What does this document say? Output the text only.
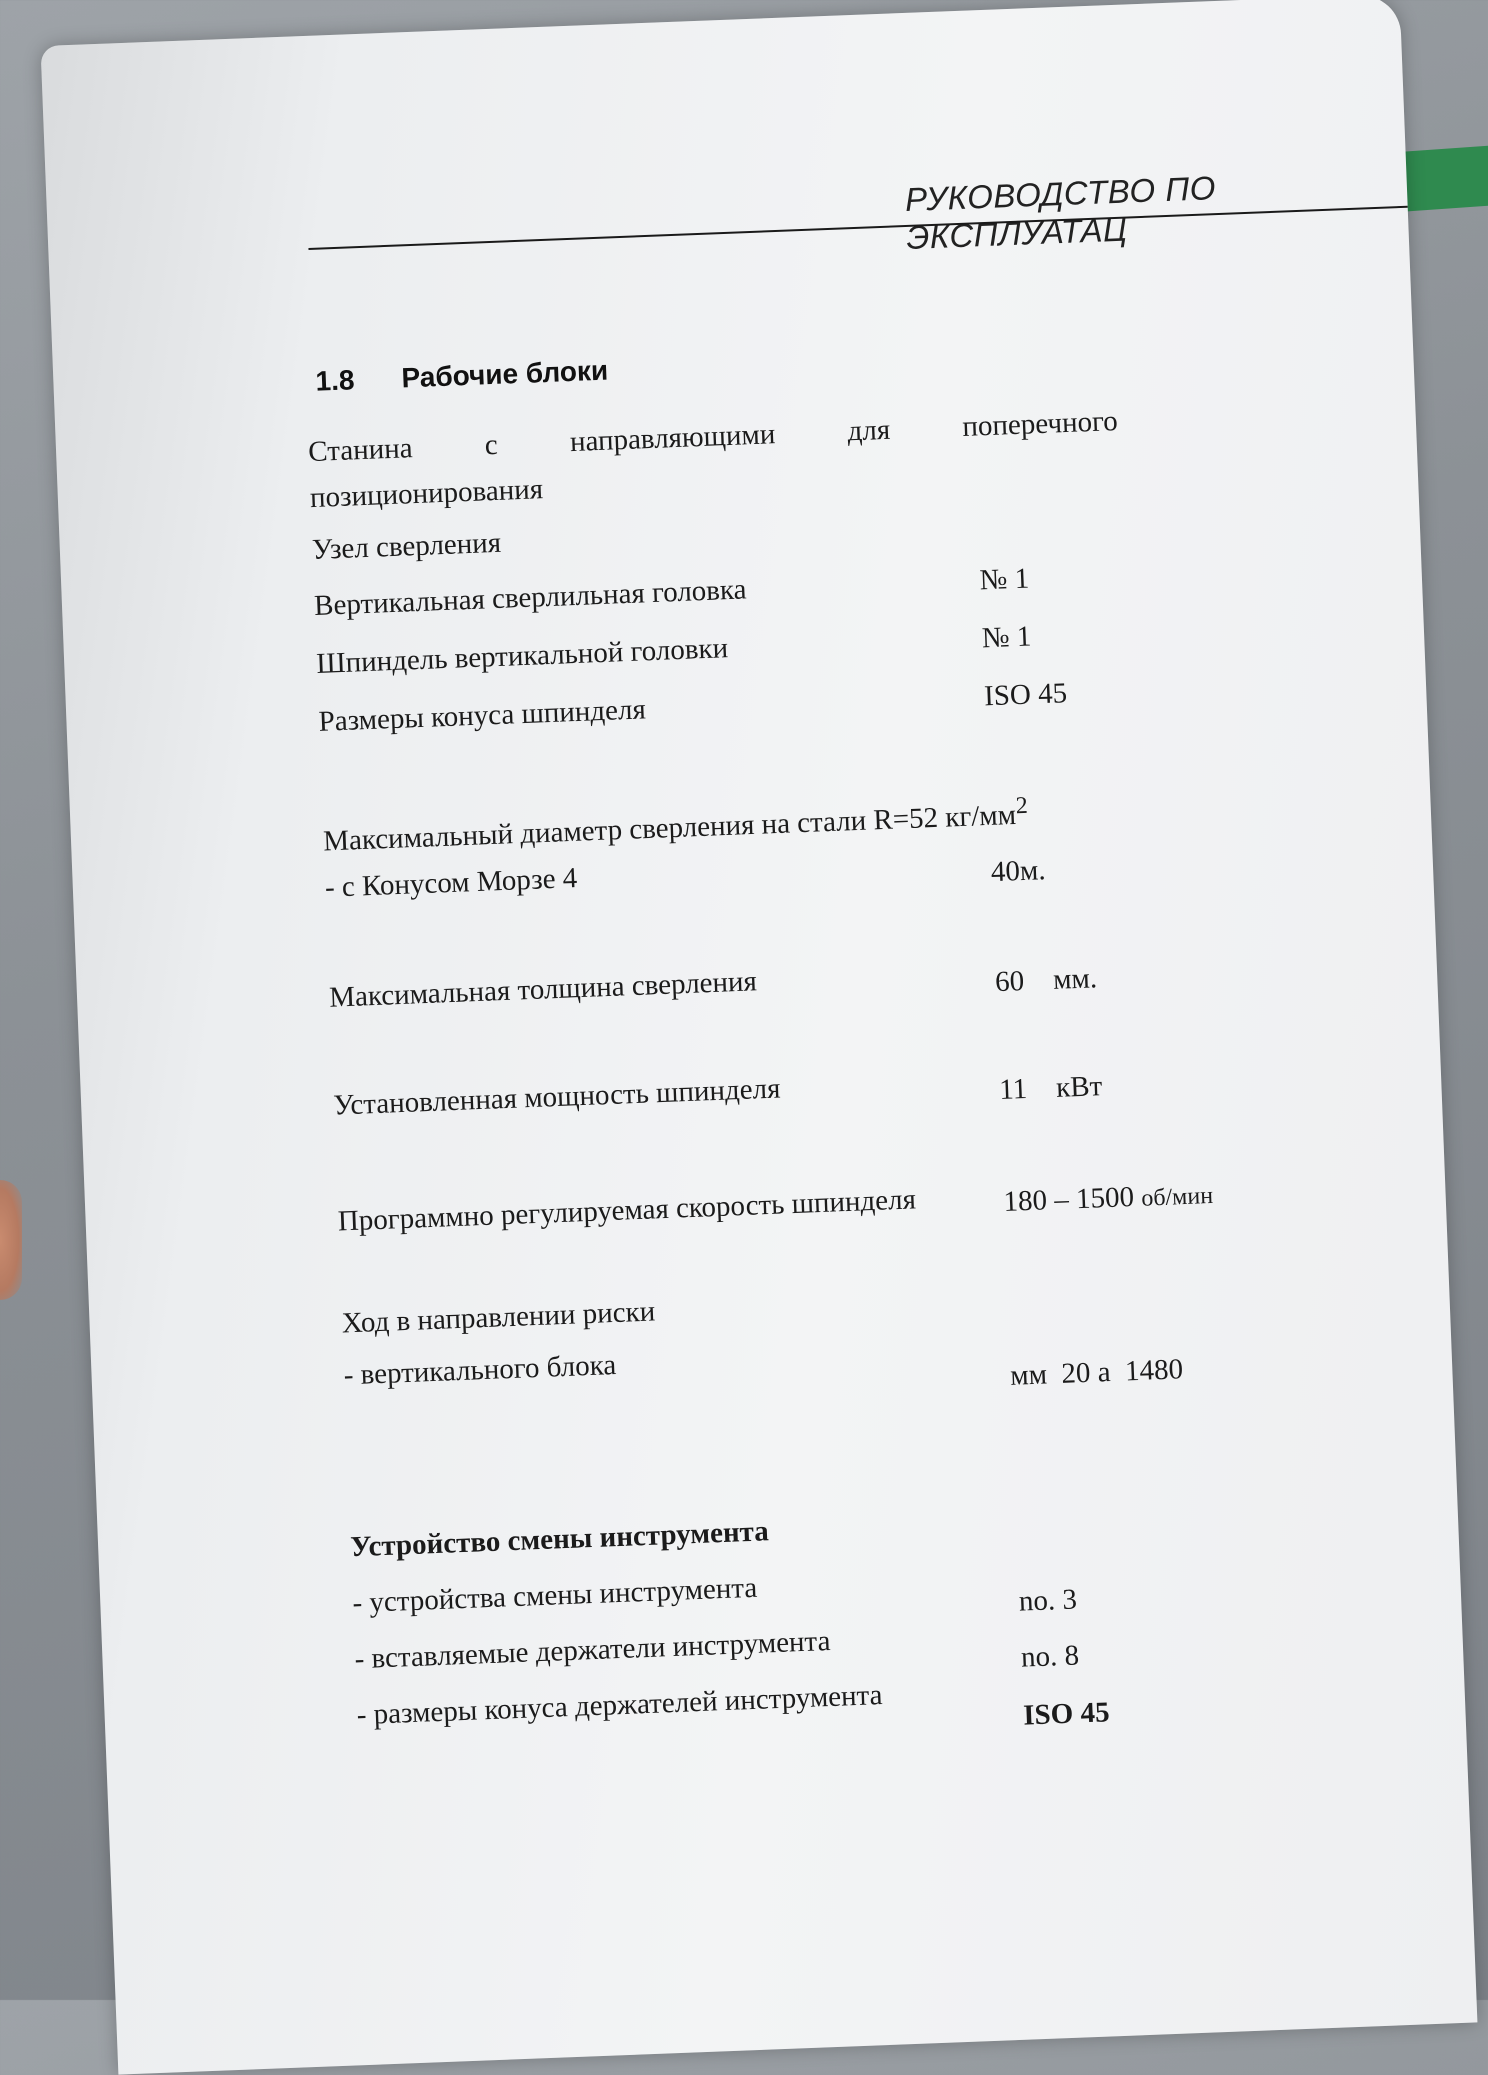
РУКОВОДСТВО ПО ЭКСПЛУАТАЦ
1.8 Рабочие блоки
Станина с направляющими для поперечного
позиционирования
Узел сверления
Вертикальная сверлильная головка	№ 1
Шпиндель вертикальной головки	№ 1
Размеры конуса шпинделя	ISO 45
Максимальный диаметр сверления на стали R=52 $кг/мм^2$
- с Конусом Морзе 4	40м.
Максимальная толщина сверления	60    мм.
Установленная мощность шпинделя	11    кВт
Программно регулируемая скорость шпинделя	180 – 1500 об/мин
Ход в направлении риски
- вертикального блока	мм  20 а  1480
Устройство смены инструмента
- устройства смены инструмента	no. 3
- вставляемые держатели инструмента	no. 8
- размеры конуса держателей инструмента	ISO 45
